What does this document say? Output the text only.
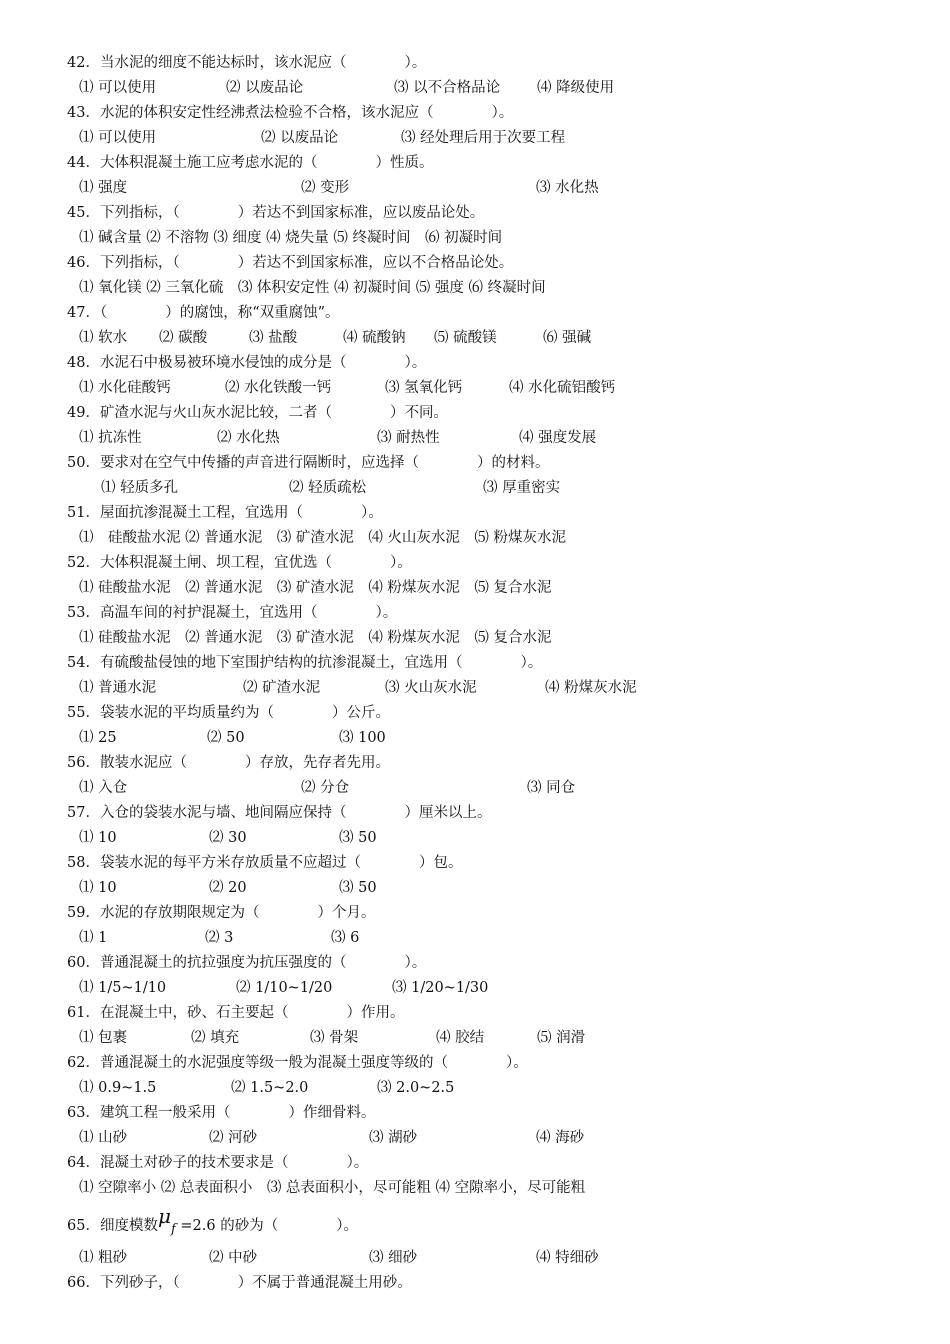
42．当水泥的细度不能达标时，该水泥应（　　　　）。
⑴ 可以使用	⑵ 以废品论	⑶ 以不合格品论	⑷ 降级使用
43．水泥的体积安定性经沸煮法检验不合格，该水泥应（　　　　）。
⑴ 可以使用	⑵ 以废品论	⑶ 经处理后用于次要工程
44．大体积混凝土施工应考虑水泥的（　　　　）性质。
⑴ 强度	⑵ 变形	⑶ 水化热
45．下列指标，（　　　　）若达不到国家标准，应以废品论处。
⑴ 碱含量 ⑵ 不溶物 ⑶ 细度 ⑷ 烧失量 ⑸ 终凝时间　⑹ 初凝时间
46．下列指标，（　　　　）若达不到国家标准，应以不合格品论处。
⑴ 氧化镁 ⑵ 三氧化硫　⑶ 体积安定性 ⑷ 初凝时间 ⑸ 强度 ⑹ 终凝时间
47．（　　　　）的腐蚀，称“双重腐蚀”。
⑴ 软水 ⑵ 碳酸	⑶ 盐酸	⑷ 硫酸钠 ⑸ 硫酸镁	⑹ 强碱
48．水泥石中极易被环境水侵蚀的成分是（　　　　）。
⑴ 水化硅酸钙	⑵ 水化铁酸一钙	⑶ 氢氧化钙	⑷ 水化硫铝酸钙
49．矿渣水泥与火山灰水泥比较，二者（　　　　）不同。
⑴ 抗冻性	⑵ 水化热	⑶ 耐热性	⑷ 强度发展
50．要求对在空气中传播的声音进行隔断时，应选择（　　　　）的材料。
⑴ 轻质多孔	⑵ 轻质疏松	⑶ 厚重密实
51．屋面抗渗混凝土工程，宜选用（　　　　）。
⑴　硅酸盐水泥 ⑵ 普通水泥　⑶ 矿渣水泥　⑷ 火山灰水泥　⑸ 粉煤灰水泥
52．大体积混凝土闸、坝工程，宜优选（　　　　）。
⑴ 硅酸盐水泥　⑵ 普通水泥　⑶ 矿渣水泥　⑷ 粉煤灰水泥　⑸ 复合水泥
53．高温车间的衬护混凝土，宜选用（　　　　）。
⑴ 硅酸盐水泥　⑵ 普通水泥　⑶ 矿渣水泥　⑷ 粉煤灰水泥　⑸ 复合水泥
54．有硫酸盐侵蚀的地下室围护结构的抗渗混凝土，宜选用（　　　　）。
⑴ 普通水泥	⑵ 矿渣水泥	⑶ 火山灰水泥	⑷ 粉煤灰水泥
55．袋装水泥的平均质量约为（　　　　）公斤。
⑴ 25	⑵ 50	⑶ 100
56．散装水泥应（　　　　）存放，先存者先用。
⑴ 入仓	⑵ 分仓	⑶ 同仓
57．入仓的袋装水泥与墙、地间隔应保持（　　　　）厘米以上。
⑴ 10	⑵ 30	⑶ 50
58．袋装水泥的每平方米存放质量不应超过（　　　　）包。
⑴ 10	⑵ 20	⑶ 50
59．水泥的存放期限规定为（　　　　）个月。
⑴ 1	⑵ 3	⑶ 6
60．普通混凝土的抗拉强度为抗压强度的（　　　　）。
⑴ 1/5~1/10	⑵ 1/10~1/20	⑶ 1/20~1/30
61．在混凝土中，砂、石主要起（　　　　）作用。
⑴ 包裹	⑵ 填充	⑶ 骨架	⑷ 胶结	⑸ 润滑
62．普通混凝土的水泥强度等级一般为混凝土强度等级的（　　　　）。
⑴ 0.9~1.5	⑵ 1.5~2.0	⑶ 2.0~2.5
63．建筑工程一般采用（　　　　）作细骨料。
⑴ 山砂	⑵ 河砂	⑶ 湖砂	⑷ 海砂
64．混凝土对砂子的技术要求是（　　　　）。
⑴ 空隙率小 ⑵ 总表面积小　⑶ 总表面积小，尽可能粗 ⑷ 空隙率小，尽可能粗
65．细度模数μf =2.6 的砂为（　　　　）。
⑴ 粗砂	⑵ 中砂	⑶ 细砂	⑷ 特细砂
66．下列砂子，（　　　　）不属于普通混凝土用砂。
